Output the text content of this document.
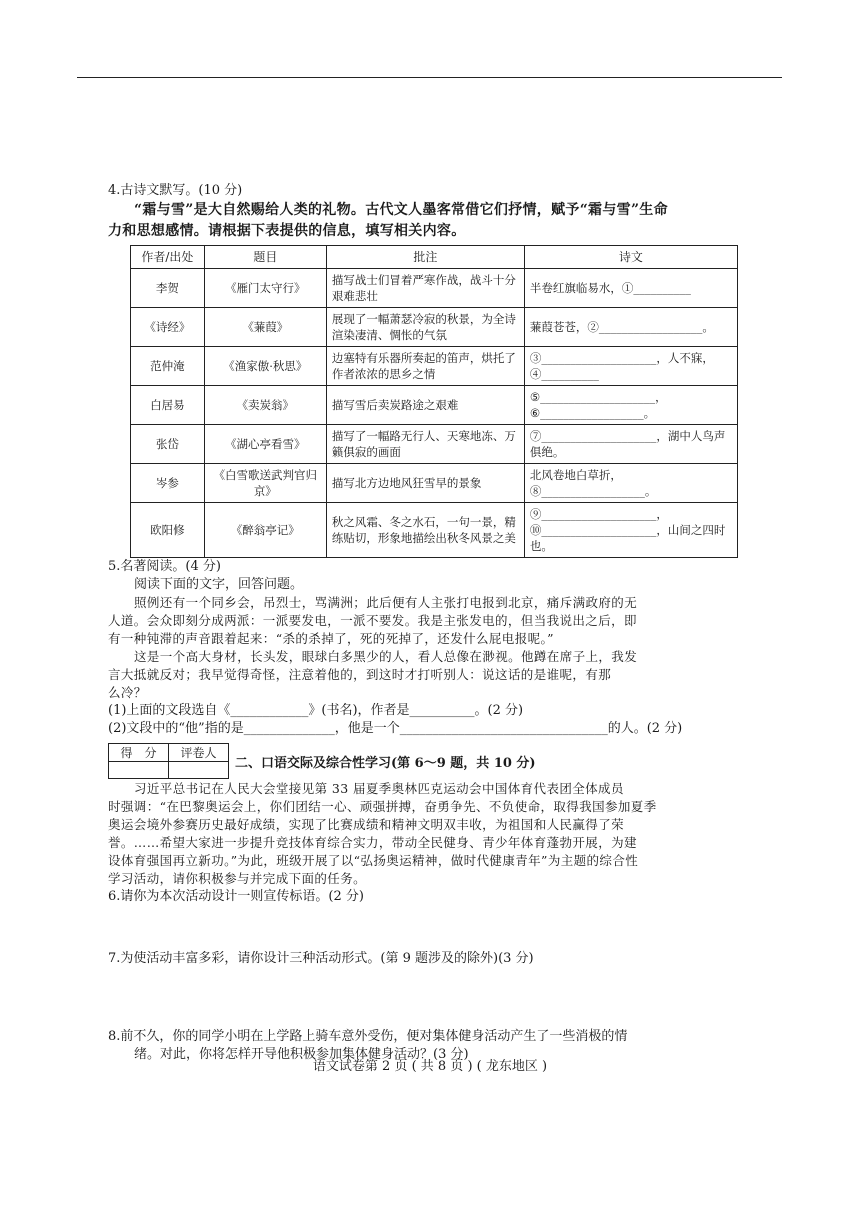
4.古诗文默写。(10 分)
“霜与雪”是大自然赐给人类的礼物。古代文人墨客常借它们抒情，赋予“霜与雪”生命
力和思想感情。请根据下表提供的信息，填写相关内容。
作者/出处	题目	批注	诗文
李贺	《雁门太守行》	描写战士们冒着严寒作战，战斗十分艰难悲壮	半卷红旗临易水，①__________
《诗经》	《蒹葭》	展现了一幅萧瑟冷寂的秋景，为全诗渲染凄清、惆怅的气氛	蒹葭苍苍，②__________________。
范仲淹	《渔家傲·秋思》	边塞特有乐器所奏起的笛声，烘托了作者浓浓的思乡之情	③____________________，人不寐，④__________
白居易	《卖炭翁》	描写雪后卖炭路途之艰难	⑤____________________，⑥__________________。
张岱	《湖心亭看雪》	描写了一幅路无行人、天寒地冻、万籁俱寂的画面	⑦____________________，湖中人鸟声俱绝。
岑参	《白雪歌送武判官归京》	描写北方边地风狂雪早的景象	北风卷地白草折，⑧__________________。
欧阳修	《醉翁亭记》	秋之风霜、冬之水石，一句一景，精练贴切，形象地描绘出秋冬风景之美	⑨____________________，⑩____________________，山间之四时也。
5.名著阅读。(4 分)
阅读下面的文字，回答问题。
照例还有一个同乡会，吊烈士，骂满洲；此后便有人主张打电报到北京，痛斥满政府的无
人道。会众即刻分成两派：一派要发电，一派不要发。我是主张发电的，但当我说出之后，即
有一种钝滞的声音跟着起来：“杀的杀掉了，死的死掉了，还发什么屁电报呢。”
这是一个高大身材，长头发，眼球白多黑少的人，看人总像在渺视。他蹲在席子上，我发
言大抵就反对；我早觉得奇怪，注意着他的，到这时才打听别人：说这话的是谁呢，有那
么冷？
(1)上面的文段选自《____________》(书名)，作者是__________。(2 分)
(2)文段中的“他”指的是______________，他是一个________________________________的人。(2 分)
得　分	评卷人

二、口语交际及综合性学习(第 6～9 题，共 10 分)
习近平总书记在人民大会堂接见第 33 届夏季奥林匹克运动会中国体育代表团全体成员
时强调：“在巴黎奥运会上，你们团结一心、顽强拼搏，奋勇争先、不负使命，取得我国参加夏季
奥运会境外参赛历史最好成绩，实现了比赛成绩和精神文明双丰收，为祖国和人民赢得了荣
誉。……希望大家进一步提升竞技体育综合实力，带动全民健身、青少年体育蓬勃开展，为建
设体育强国再立新功。”为此，班级开展了以“弘扬奥运精神，做时代健康青年”为主题的综合性
学习活动，请你积极参与并完成下面的任务。
6.请你为本次活动设计一则宣传标语。(2 分)
7.为使活动丰富多彩，请你设计三种活动形式。(第 9 题涉及的除外)(3 分)
8.前不久，你的同学小明在上学路上骑车意外受伤，便对集体健身活动产生了一些消极的情
绪。对此，你将怎样开导他积极参加集体健身活动？(3 分)
语文试卷第 2 页 ( 共 8 页 ) ( 龙东地区 )
